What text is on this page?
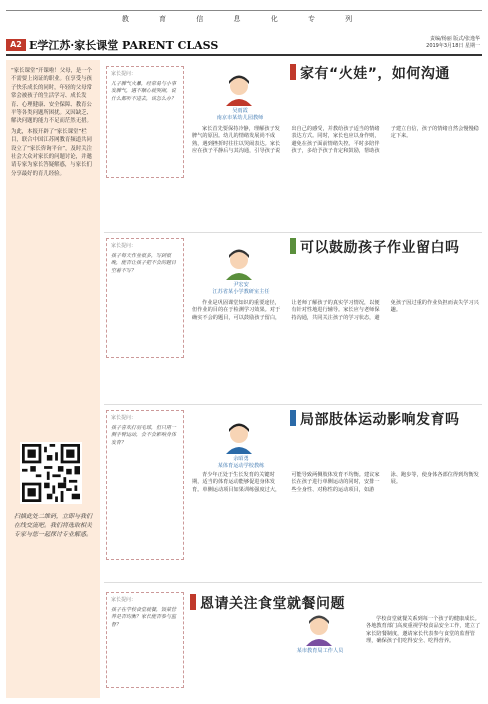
教 育 信 息 化 专 列
A2 E学江苏·家长课堂 PARENT CLASS	责编/杨丽 版式/张逸华
2019年3月18日 星期一

“家长课堂”开课啦！父母，是一个不需要上岗证的职业。在享受与孩子快乐成长的同时，年轻的父母常常会被孩子的生活学习、成长发育、心理健康、安全保障、教育公平等各类问题所困扰。又因缺乏、解决问题的能力不足而茫然无措。

为此，本报开辟了“家长课堂”栏目，联合中国江苏网教育频道共同设立了“家长咨询平台”，及时关注社会大众对家长的问题讨论，并邀请专家为家长答疑解惑，与家长们分享最好的育儿经验。

扫描此处二维码，立即与我们在线交流吧。我们将选取相关专家与您一起探讨专业解惑。
家长提问：
儿子脾气火暴，经常易与小事发脾气，遇不顺心就哭闹，说什么都听不进去，该怎么办？
吴雨霞
南京市某幼儿园教师
家有“火娃”，如何沟通

家长首先要保持冷静，理解孩子发脾气的原因。幼儿的情绪发展尚不成熟，遇到挫折时往往以哭闹表达。家长应在孩子平静后与其沟通，引导孩子说出自己的感受，并教给孩子适当的情绪表达方式。同时，家长也应以身作则，避免在孩子面前情绪失控。平时多陪伴孩子，多给予孩子肯定和鼓励，帮助孩子建立自信，孩子的情绪自然会慢慢稳定下来。

家长提问：
孩子每天作业很多，写到很晚，能否让孩子把不会的题目空着不写？
尹宏安
江苏省某小学教研室主任
可以鼓励孩子作业留白吗

作业是巩固课堂知识的重要途径，但作业的目的在于检测学习效果。对于确实不会的题目，可以鼓励孩子留白，让老师了解孩子的真实学习情况，以便有针对性地进行辅导。家长应与老师保持沟通，共同关注孩子的学习状态，避免孩子因过重的作业负担而丧失学习兴趣。

家长提问：
孩子喜欢打羽毛球，但只用一侧手臂运动，会不会影响身体发育？
余昭勇
某体育运动学校教练
局部肢体运动影响发育吗

青少年正处于生长发育的关键时期，适当的体育运动能够促进身体发育。单侧运动项目如果训练强度过大，可能导致两侧肢体发育不均衡。建议家长在孩子进行单侧运动的同时，安排一些全身性、对称性的运动项目，如游泳、跑步等，使身体各部位得到均衡发展。

家长提问：
孩子在学校食堂就餐，饭菜营养是否均衡？家长能否参与监督？
恩请关注食堂就餐问题
某市教育局工作人员

学校食堂就餐关系到每一个孩子的健康成长。各地教育部门高度重视学校食品安全工作，建立了家长陪餐制度，邀请家长代表参与食堂的监督管理，确保孩子们吃得安全、吃得营养。
